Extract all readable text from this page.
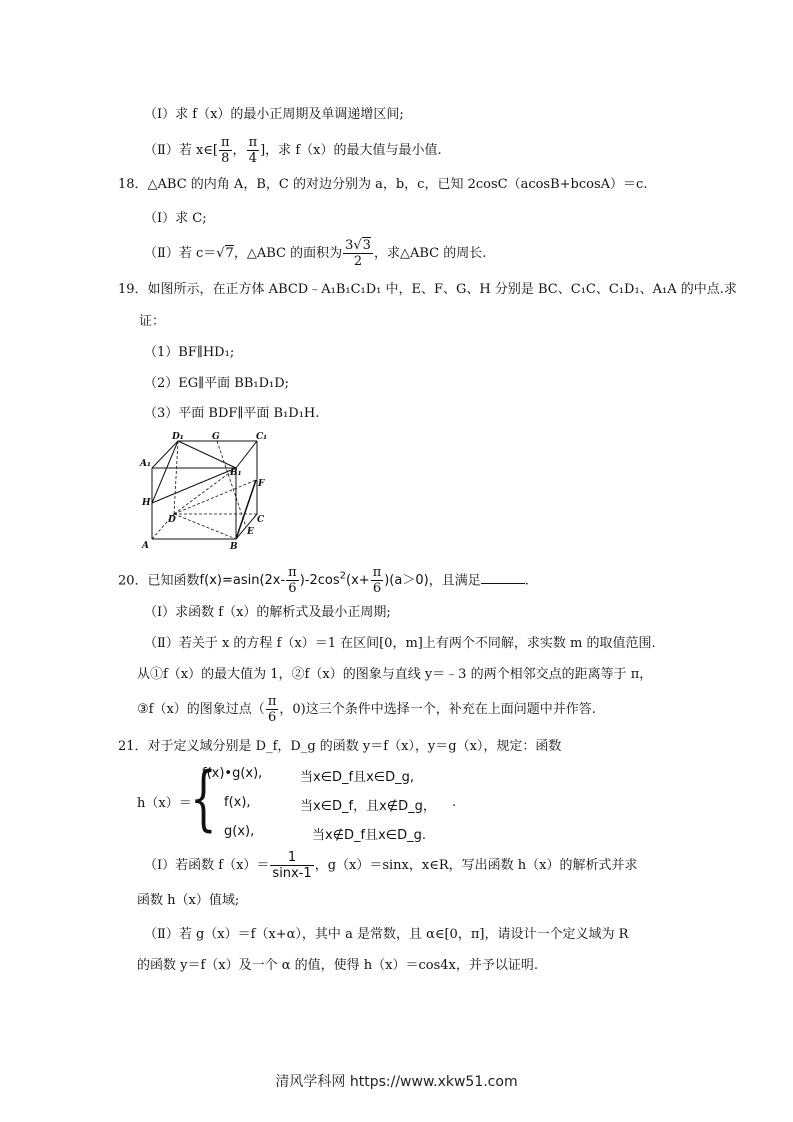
（Ⅰ）求 f（x）的最小正周期及单调递增区间;
（Ⅱ）若 x∈[ $\frac{\pi}{8}$ ， $\frac{\pi}{4}$ ]，求 f（x）的最大值与最小值.
18．△ABC 的内角 A，B，C 的对边分别为 a，b，c，已知 2cosC（acosB+bcosA）＝c.
（Ⅰ）求 C;
（Ⅱ）若 c＝√7，△ABC 的面积为 $\frac{3√3}{2}$ ，求△ABC 的周长.
19．如图所示，在正方体 ABCD﹣A₁B₁C₁D₁ 中，E、F、G、H 分别是 BC、C₁C、C₁D₁、A₁A 的中点.求
证：
（1）BF∥HD₁;
（2）EG∥平面 BB₁D₁D;
（3）平面 BDF∥平面 B₁D₁H.
D₁	G	C₁
A₁
B₁
F
H
D	C
E
A	B
20．已知函数$f(x)=asin(2x- \frac{\pi}{6} )-2\cos^2(x+ \frac{\pi}{6} )(a>0)$，且满足	.
（Ⅰ）求函数 f（x）的解析式及最小正周期;
（Ⅱ）若关于 x 的方程 f（x）＝1 在区间[0，m]上有两个不同解，求实数 m 的取值范围.
从①f（x）的最大值为 1，②f（x）的图象与直线 y＝﹣3 的两个相邻交点的距离等于 π，
③f（x）的图象过点（ $\frac{\pi}{6}$ ，0)这三个条件中选择一个，补充在上面问题中并作答.
21．对于定义域分别是 D_f，D_g 的函数 y＝f（x），y＝g（x），规定：函数
h（x）＝
{
f(x)•g(x),	当x∈D_f且x∈D_g,
f(x),	当x∈D_f，且x∉D_g， .
g(x),	当x∉D_f且x∈D_g.
（Ⅰ）若函数 $f(x)= \frac{1}{\sin x-1}$ ，g（x）＝sinx，x∈R，写出函数 h（x）的解析式并求
函数 h（x）值域;
（Ⅱ）若 g（x）＝f（x+α），其中 a 是常数，且 α∈[0，π]，请设计一个定义域为 R
的函数 y＝f（x）及一个 α 的值，使得 h（x）＝cos4x，并予以证明.
清风学科网 https://www.xkw51.com
